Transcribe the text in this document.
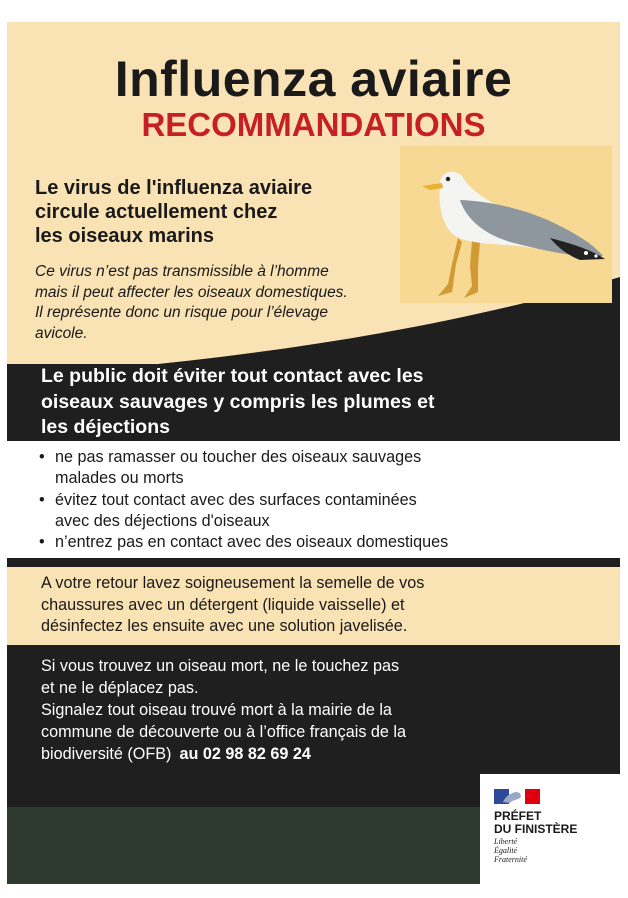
Influenza aviaire
RECOMMANDATIONS
Le virus de l'influenza aviaire
circule actuellement chez
les oiseaux marins
Ce virus n’est pas transmissible à l’homme
mais il peut affecter les oiseaux domestiques.
Il représente donc un risque pour l’élevage
avicole.
Le public doit éviter tout contact avec les
oiseaux sauvages y compris les plumes et
les déjections
• ne pas ramasser ou toucher des oiseaux sauvages
malades ou morts
• évitez tout contact avec des surfaces contaminées
avec des déjections d'oiseaux
• n’entrez pas en contact avec des oiseaux domestiques
A votre retour lavez soigneusement la semelle de vos
chaussures avec un détergent (liquide vaisselle) et
désinfectez les ensuite avec une solution javelisée.
Si vous trouvez un oiseau mort, ne le touchez pas
et ne le déplacez pas.
Signalez tout oiseau trouvé mort à la mairie de la
commune de découverte ou à l’office français de la
biodiversité (OFB) au 02 98 82 69 24
PRÉFET
DU FINISTÈRE
Liberté
Égalité
Fraternité
